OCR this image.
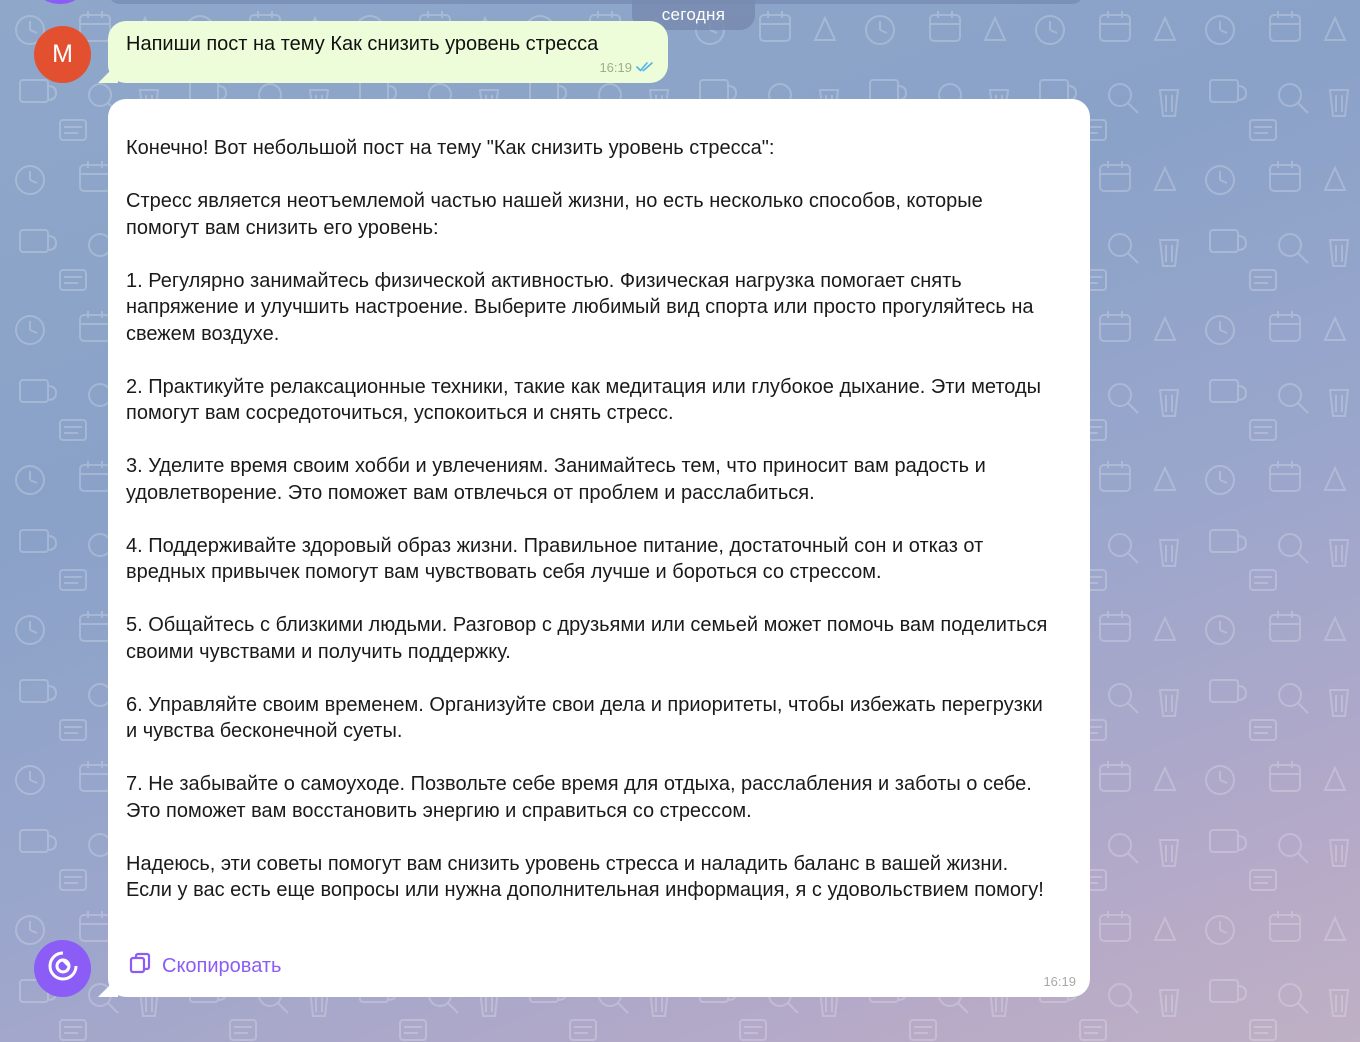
сегодня
М	Напиши пост на тему Как снизить уровень стресса
16:19

Конечно! Вот небольшой пост на тему "Как снизить уровень стресса":

Стресс является неотъемлемой частью нашей жизни, но есть несколько способов, которые помогут вам снизить его уровень:

1. Регулярно занимайтесь физической активностью. Физическая нагрузка помогает снять напряжение и улучшить настроение. Выберите любимый вид спорта или просто прогуляйтесь на свежем воздухе.

2. Практикуйте релаксационные техники, такие как медитация или глубокое дыхание. Эти методы помогут вам сосредоточиться, успокоиться и снять стресс.

3. Уделите время своим хобби и увлечениям. Занимайтесь тем, что приносит вам радость и удовлетворение. Это поможет вам отвлечься от проблем и расслабиться.

4. Поддерживайте здоровый образ жизни. Правильное питание, достаточный сон и отказ от вредных привычек помогут вам чувствовать себя лучше и бороться со стрессом.

5. Общайтесь с близкими людьми. Разговор с друзьями или семьей может помочь вам поделиться своими чувствами и получить поддержку.

6. Управляйте своим временем. Организуйте свои дела и приоритеты, чтобы избежать перегрузки и чувства бесконечной суеты.

7. Не забывайте о самоуходе. Позвольте себе время для отдыха, расслабления и заботы о себе. Это поможет вам восстановить энергию и справиться со стрессом.

Надеюсь, эти советы помогут вам снизить уровень стресса и наладить баланс в вашей жизни. Если у вас есть еще вопросы или нужна дополнительная информация, я с удовольствием помогу!

Скопировать
16:19
